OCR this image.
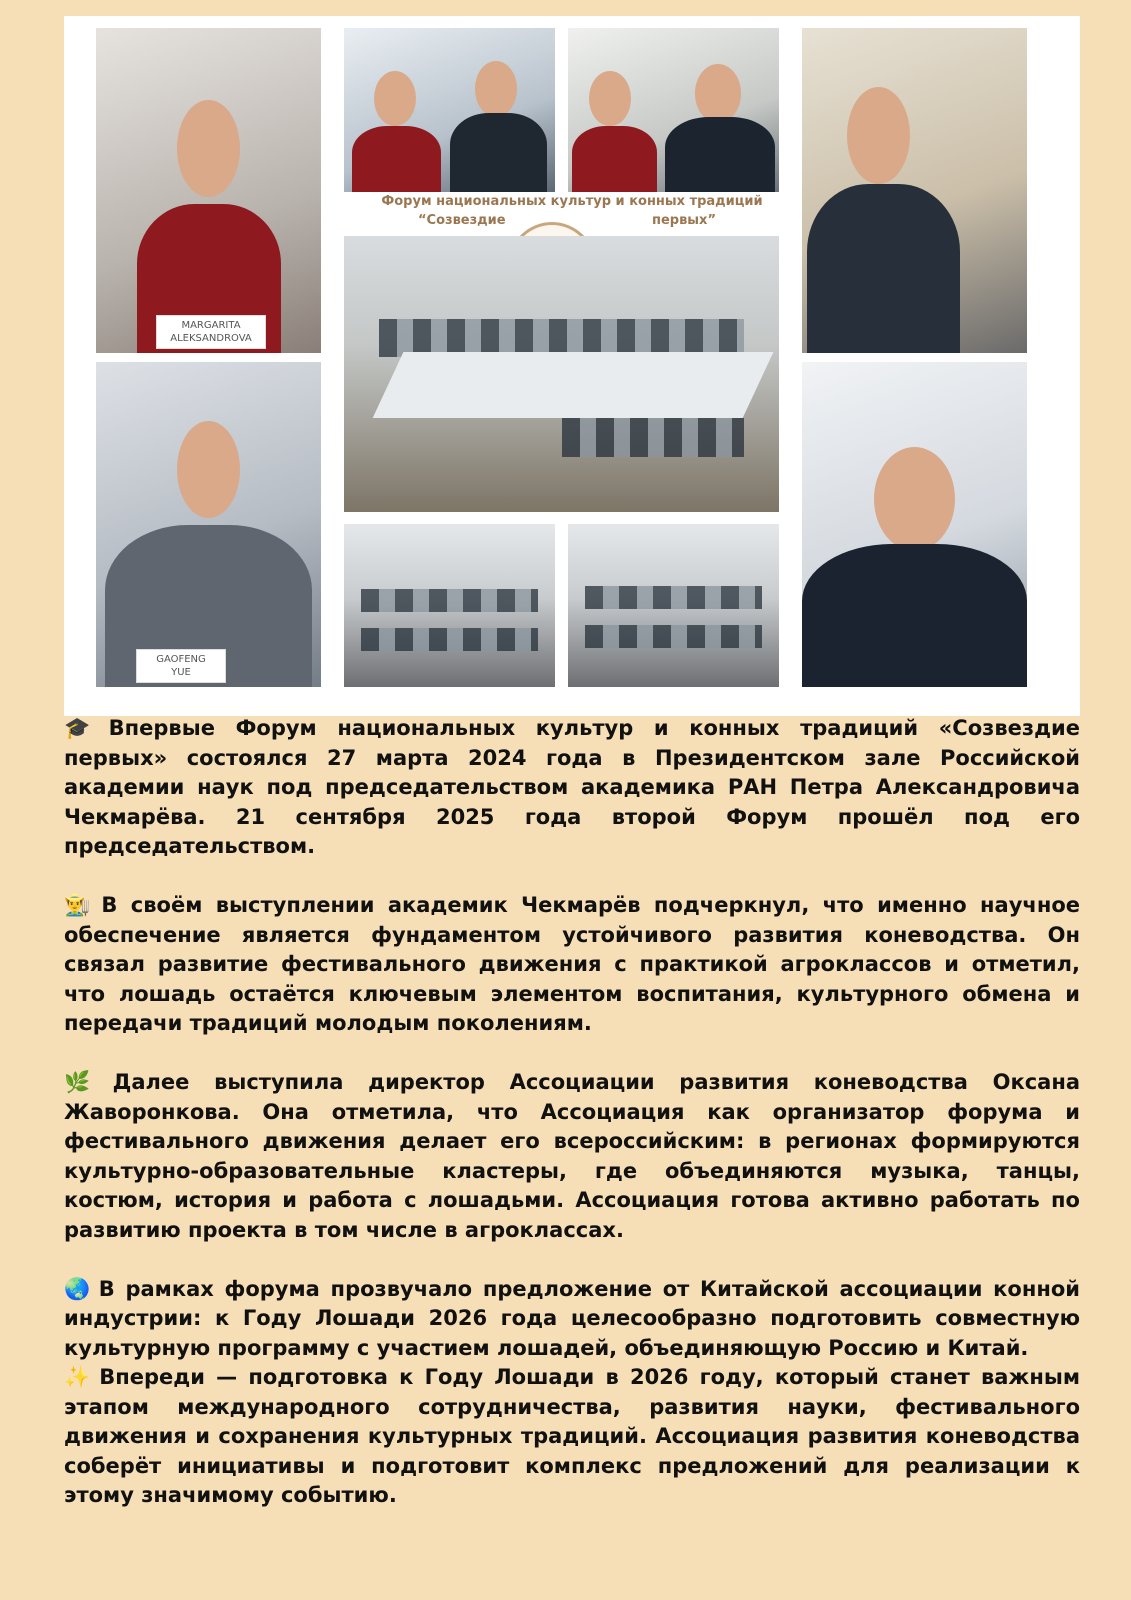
MARGARITA
ALEKSANDROVA
Форум национальных культур и конных традиций
“Созвездие	первых”
GAOFENG
YUE

🎓 Впервые Форум национальных культур и конных традиций «Созвездие первых» состоялся 27 марта 2024 года в Президентском зале Российской академии наук под председательством академика РАН Петра Александровича Чекмарёва. 21 сентября 2025 года второй Форум прошёл под его председательством.

👨‍🌾 В своём выступлении академик Чекмарёв подчеркнул, что именно научное обеспечение является фундаментом устойчивого развития коневодства. Он связал развитие фестивального движения с практикой агроклассов и отметил, что лошадь остаётся ключевым элементом воспитания, культурного обмена и передачи традиций молодым поколениям.

🌿 Далее выступила директор Ассоциации развития коневодства Оксана Жаворонкова. Она отметила, что Ассоциация как организатор форума и фестивального движения делает его всероссийским: в регионах формируются культурно-образовательные кластеры, где объединяются музыка, танцы, костюм, история и работа с лошадьми. Ассоциация готова активно работать по развитию проекта в том числе в агроклассах.

🌏 В рамках форума прозвучало предложение от Китайской ассоциации конной индустрии: к Году Лошади 2026 года целесообразно подготовить совместную культурную программу с участием лошадей, объединяющую Россию и Китай.

✨ Впереди — подготовка к Году Лошади в 2026 году, который станет важным этапом международного сотрудничества, развития науки, фестивального движения и сохранения культурных традиций. Ассоциация развития коневодства соберёт инициативы и подготовит комплекс предложений для реализации к этому значимому событию.
